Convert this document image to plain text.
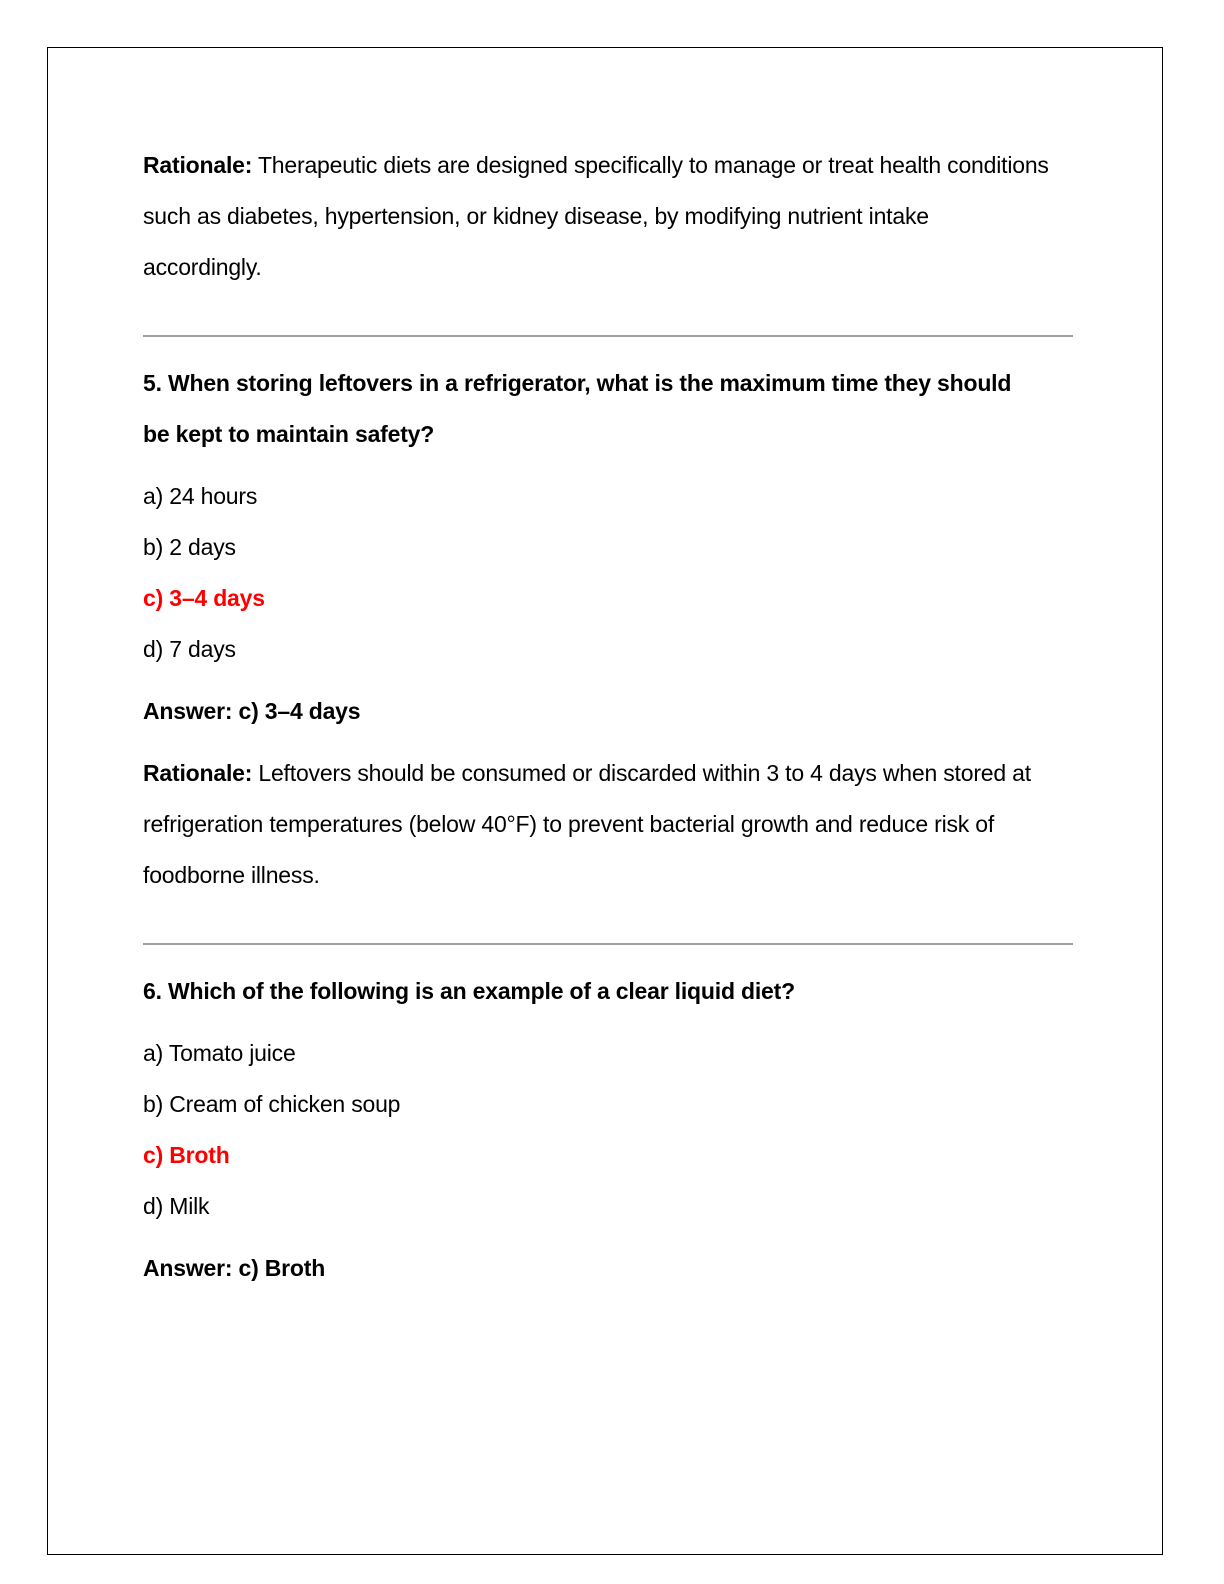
Rationale: Therapeutic diets are designed specifically to manage or treat health conditions such as diabetes, hypertension, or kidney disease, by modifying nutrient intake accordingly.

5. When storing leftovers in a refrigerator, what is the maximum time they should be kept to maintain safety?

a) 24 hours

b) 2 days

c) 3–4 days

d) 7 days

Answer: c) 3–4 days

Rationale: Leftovers should be consumed or discarded within 3 to 4 days when stored at refrigeration temperatures (below 40°F) to prevent bacterial growth and reduce risk of foodborne illness.

6. Which of the following is an example of a clear liquid diet?

a) Tomato juice

b) Cream of chicken soup

c) Broth

d) Milk

Answer: c) Broth
